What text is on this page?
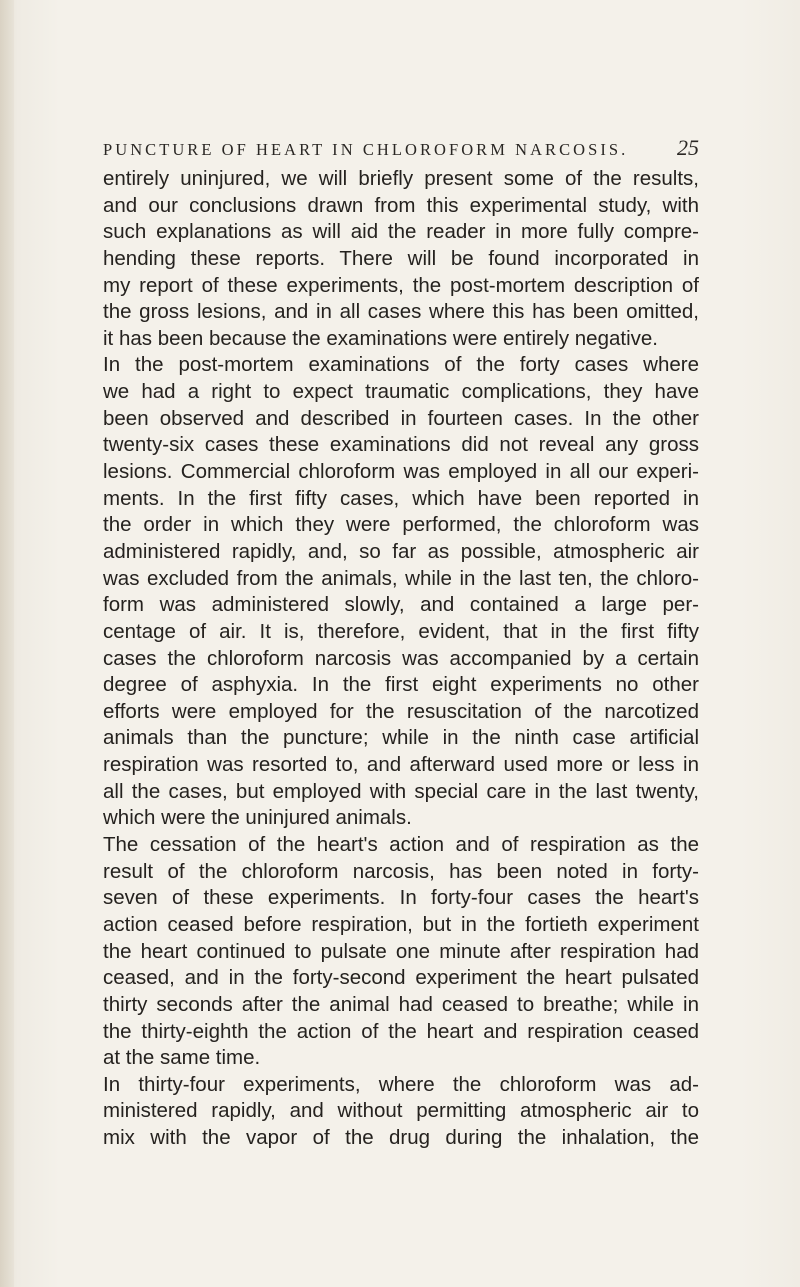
PUNCTURE OF HEART IN CHLOROFORM NARCOSIS. 25
entirely uninjured, we will briefly present some of the results,
and our conclusions drawn from this experimental study, with
such explanations as will aid the reader in more fully compre-
hending these reports. There will be found incorporated in
my report of these experiments, the post-mortem description of
the gross lesions, and in all cases where this has been omitted,
it has been because the examinations were entirely negative.
In the post-mortem examinations of the forty cases where
we had a right to expect traumatic complications, they have
been observed and described in fourteen cases. In the other
twenty-six cases these examinations did not reveal any gross
lesions. Commercial chloroform was employed in all our experi-
ments. In the first fifty cases, which have been reported in
the order in which they were performed, the chloroform was
administered rapidly, and, so far as possible, atmospheric air
was excluded from the animals, while in the last ten, the chloro-
form was administered slowly, and contained a large per-
centage of air. It is, therefore, evident, that in the first fifty
cases the chloroform narcosis was accompanied by a certain
degree of asphyxia. In the first eight experiments no other
efforts were employed for the resuscitation of the narcotized
animals than the puncture; while in the ninth case artificial
respiration was resorted to, and afterward used more or less in
all the cases, but employed with special care in the last twenty,
which were the uninjured animals.
The cessation of the heart's action and of respiration as the
result of the chloroform narcosis, has been noted in forty-
seven of these experiments. In forty-four cases the heart's
action ceased before respiration, but in the fortieth experiment
the heart continued to pulsate one minute after respiration had
ceased, and in the forty-second experiment the heart pulsated
thirty seconds after the animal had ceased to breathe; while in
the thirty-eighth the action of the heart and respiration ceased
at the same time.
In thirty-four experiments, where the chloroform was ad-
ministered rapidly, and without permitting atmospheric air to
mix with the vapor of the drug during the inhalation, the
